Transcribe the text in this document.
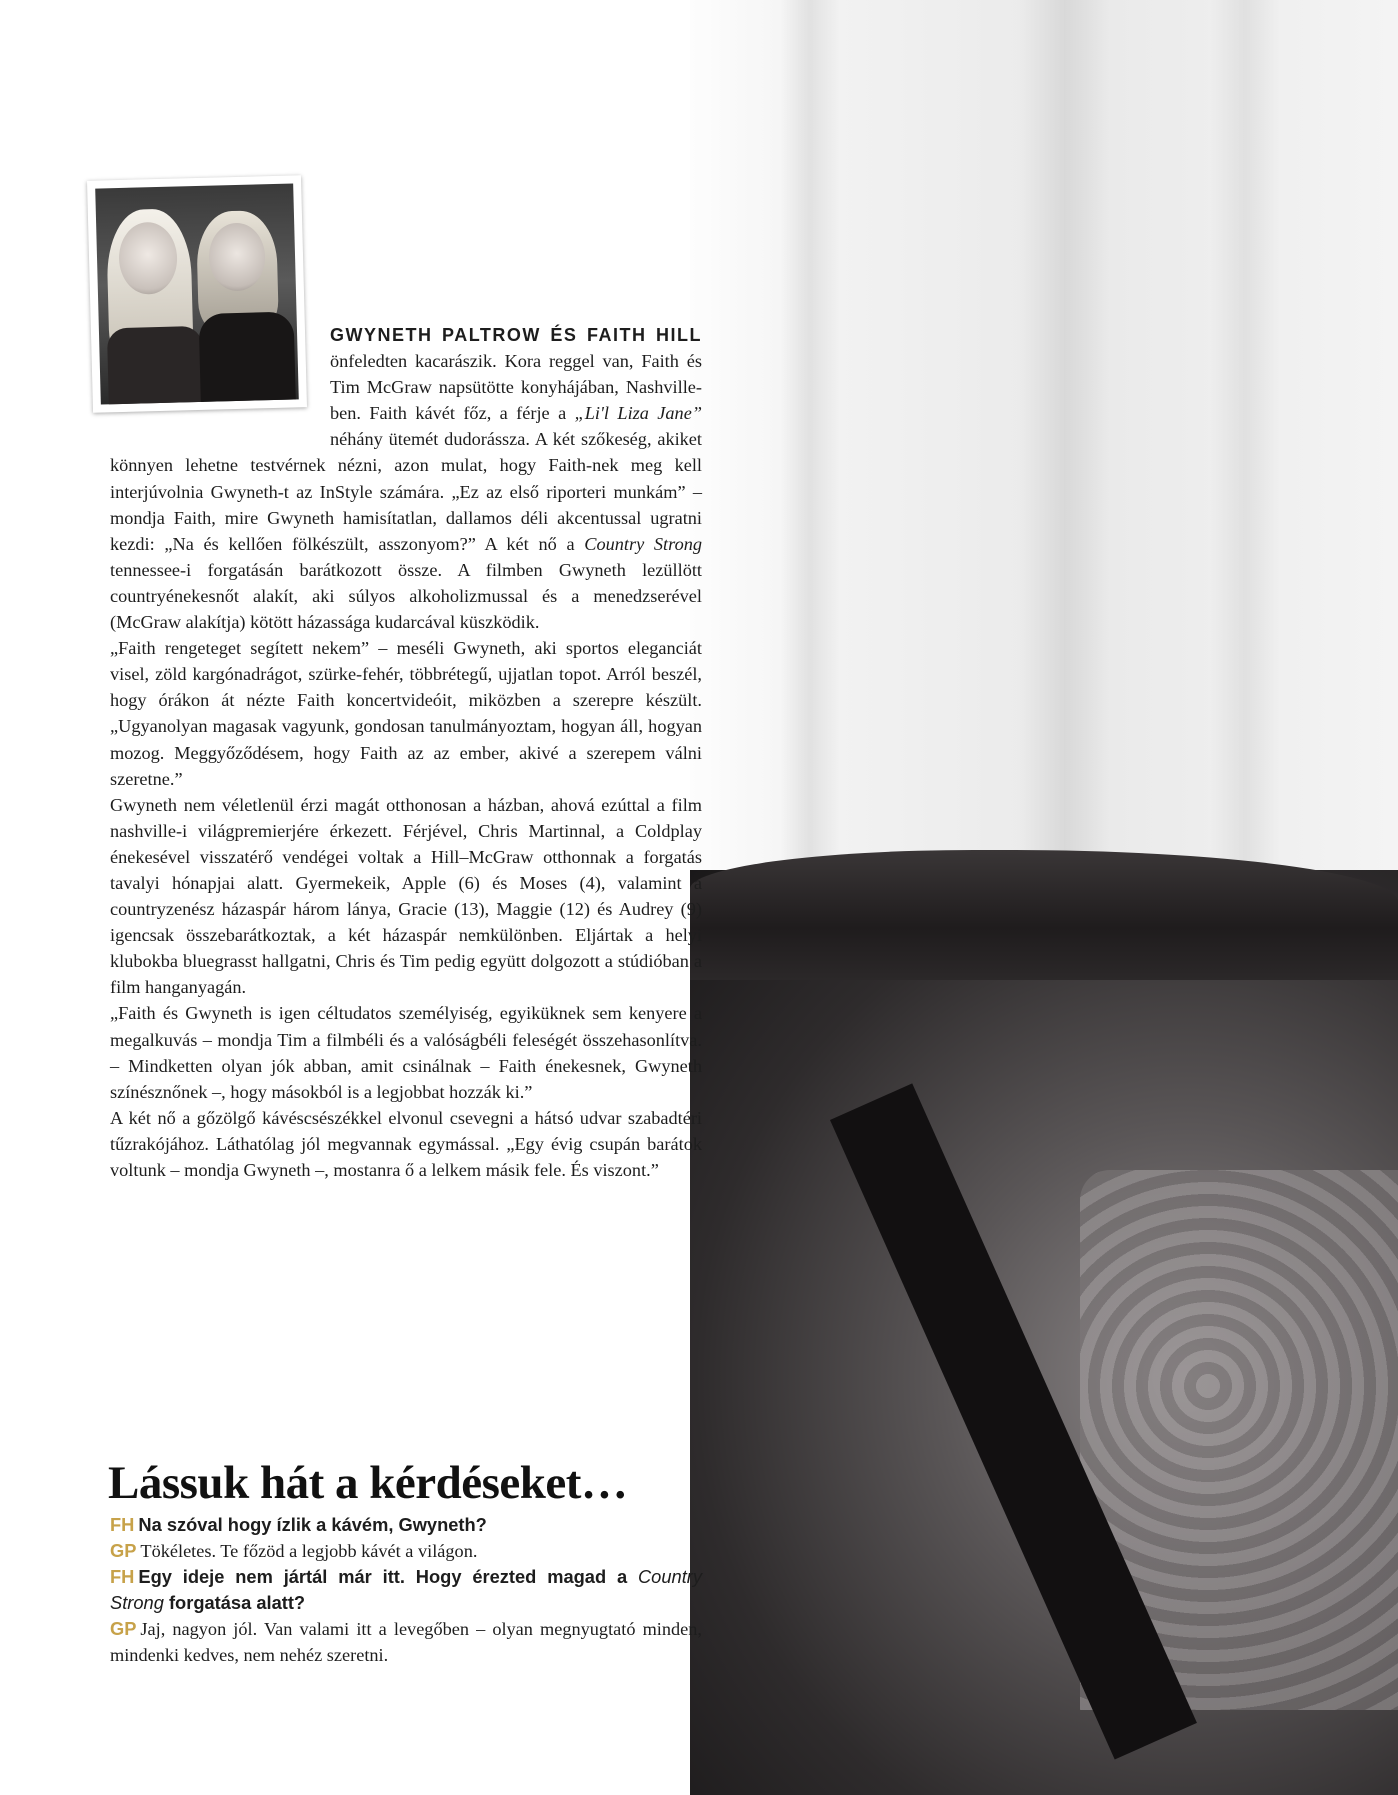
GWYNETH PALTROW ÉS FAITH HILL önfeledten kacarászik. Kora reggel van, Faith és Tim McGraw napsütötte konyhájában, Nashville-ben. Faith kávét főz, a férje a „Li'l Liza Jane” néhány ütemét dudorássza. A két szőkeség, akiket könnyen lehetne testvérnek nézni, azon mulat, hogy Faith-nek meg kell interjúvolnia Gwyneth-t az InStyle számára. „Ez az első riporteri munkám” – mondja Faith, mire Gwyneth hamisítatlan, dallamos déli akcentussal ugratni kezdi: „Na és kellően fölkészült, asszonyom?” A két nő a Country Strong tennessee-i forgatásán barátkozott össze. A filmben Gwyneth lezüllött countryénekesnőt alakít, aki súlyos alkoholizmussal és a menedzserével (McGraw alakítja) kötött házassága kudarcával küszködik.

„Faith rengeteget segített nekem” – meséli Gwyneth, aki sportos eleganciát visel, zöld kargónadrágot, szürke-fehér, többrétegű, ujjatlan topot. Arról beszél, hogy órákon át nézte Faith koncertvideóit, miközben a szerepre készült. „Ugyanolyan magasak vagyunk, gondosan tanulmányoztam, hogyan áll, hogyan mozog. Meggyőződésem, hogy Faith az az ember, akivé a szerepem válni szeretne.”

Gwyneth nem véletlenül érzi magát otthonosan a házban, ahová ezúttal a film nashville-i világpremierjére érkezett. Férjével, Chris Martinnal, a Coldplay énekesével visszatérő vendégei voltak a Hill–McGraw otthonnak a forgatás tavalyi hónapjai alatt. Gyermekeik, Apple (6) és Moses (4), valamint a countryzenész házaspár három lánya, Gracie (13), Maggie (12) és Audrey (9) igencsak összebarátkoztak, a két házaspár nemkülönben. Eljártak a helyi klubokba bluegrasst hallgatni, Chris és Tim pedig együtt dolgozott a stúdióban a film hanganyagán.

„Faith és Gwyneth is igen céltudatos személyiség, egyiküknek sem kenyere a megalkuvás – mondja Tim a filmbéli és a valóságbéli feleségét összehasonlítva. – Mindketten olyan jók abban, amit csinálnak – Faith énekesnek, Gwyneth színésznőnek –, hogy másokból is a legjobbat hozzák ki.”

A két nő a gőzölgő kávéscsészékkel elvonul csevegni a hátsó udvar szabadtéri tűzrakójához. Láthatólag jól megvannak egymással. „Egy évig csupán barátok voltunk – mondja Gwyneth –, mostanra ő a lelkem másik fele. És viszont.”

Lássuk hát a kérdéseket…

FH Na szóval hogy ízlik a kávém, Gwyneth?

GP Tökéletes. Te főzöd a legjobb kávét a világon.

FH Egy ideje nem jártál már itt. Hogy érezted magad a Country Strong forgatása alatt?

GP Jaj, nagyon jól. Van valami itt a levegőben – olyan megnyugtató minden, mindenki kedves, nem nehéz szeretni.
